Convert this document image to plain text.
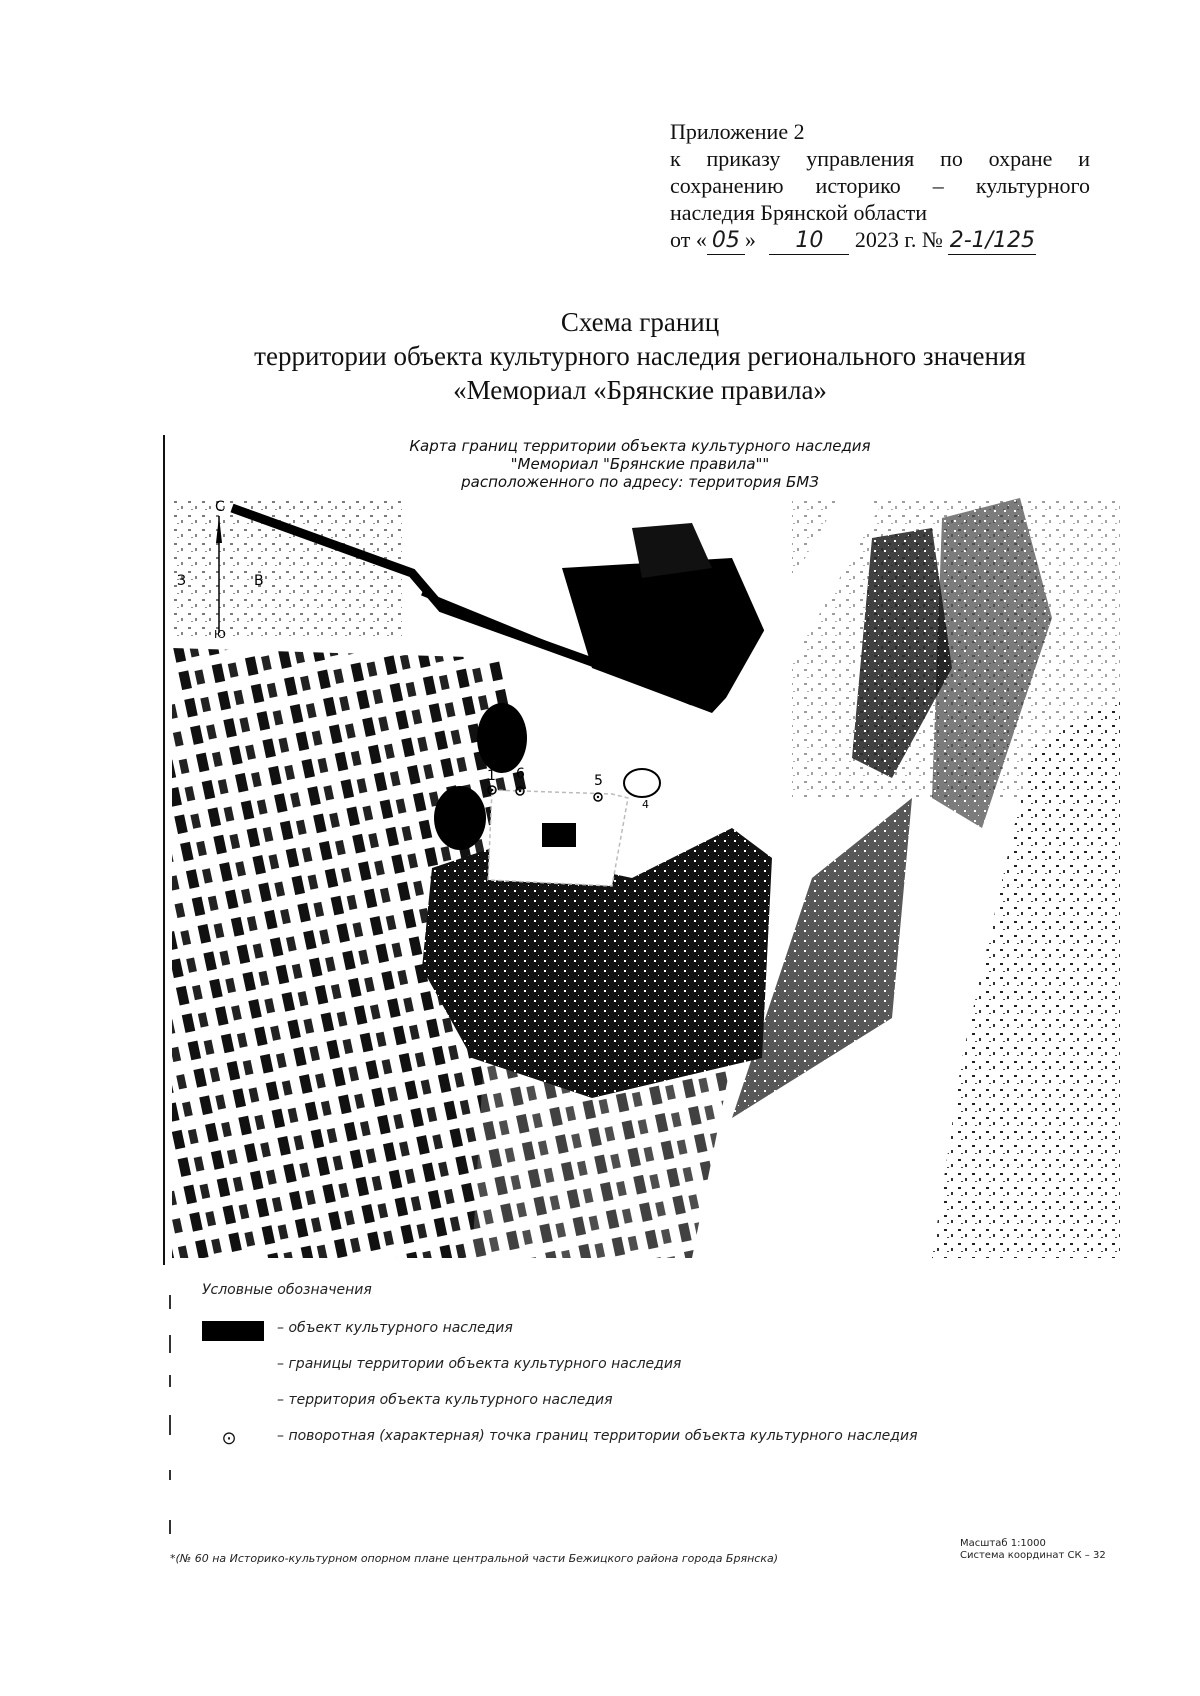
Приложение 2
к приказу управления по охране и
сохранению историко – культурного
наследия Брянской области
от « 05 » 10 2023 г. № 2-1/125
Схема границ
территории объекта культурного наследия регионального значения
«Мемориал «Брянские правила»
Карта границ территории объекта культурного наследия
"Мемориал "Брянские правила""
расположенного по адресу: территория БМЗ
1 6	5
4
С
З	В
Ю
Условные обозначения
– объект культурного наследия
– границы территории объекта культурного наследия
– территория объекта культурного наследия
⊙	– поворотная (характерная) точка границ территории объекта культурного наследия
*(№ 60 на Историко-культурном опорном плане центральной части Бежицкого района города Брянска)
Масштаб 1:1000
Система координат СК – 32
